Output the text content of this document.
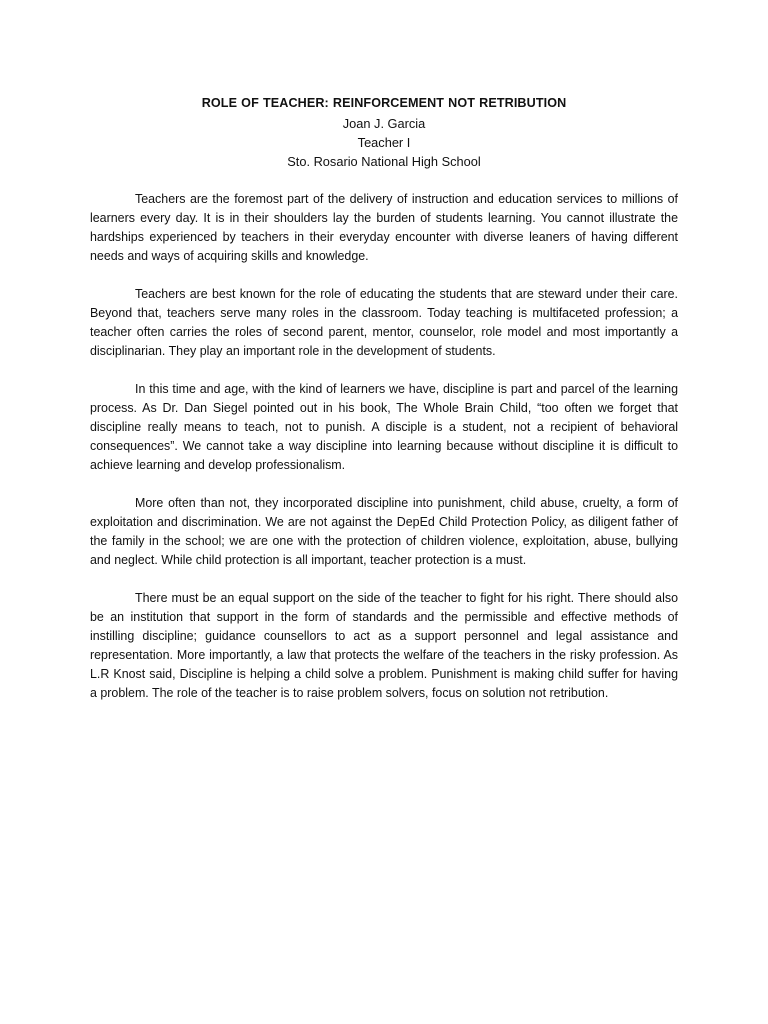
ROLE OF TEACHER: REINFORCEMENT NOT RETRIBUTION

Joan J. Garcia

Teacher I

Sto. Rosario National High School

Teachers are the foremost part of the delivery of instruction and education services to millions of learners every day. It is in their shoulders lay the burden of students learning. You cannot illustrate the hardships experienced by teachers in their everyday encounter with diverse leaners of having different needs and ways of acquiring skills and knowledge.

Teachers are best known for the role of educating the students that are steward under their care. Beyond that, teachers serve many roles in the classroom. Today teaching is multifaceted profession; a teacher often carries the roles of second parent, mentor, counselor, role model and most importantly a disciplinarian. They play an important role in the development of students.

In this time and age, with the kind of learners we have, discipline is part and parcel of the learning process. As Dr. Dan Siegel pointed out in his book, The Whole Brain Child, “too often we forget that discipline really means to teach, not to punish. A disciple is a student, not a recipient of behavioral consequences”. We cannot take a way discipline into learning because without discipline it is difficult to achieve learning and develop professionalism.

More often than not, they incorporated discipline into punishment, child abuse, cruelty, a form of exploitation and discrimination. We are not against the DepEd Child Protection Policy, as diligent father of the family in the school; we are one with the protection of children violence, exploitation, abuse, bullying and neglect. While child protection is all important, teacher protection is a must.

There must be an equal support on the side of the teacher to fight for his right. There should also be an institution that support in the form of standards and the permissible and effective methods of instilling discipline; guidance counsellors to act as a support personnel and legal assistance and representation. More importantly, a law that protects the welfare of the teachers in the risky profession. As L.R Knost said, Discipline is helping a child solve a problem. Punishment is making child suffer for having a problem. The role of the teacher is to raise problem solvers, focus on solution not retribution.
